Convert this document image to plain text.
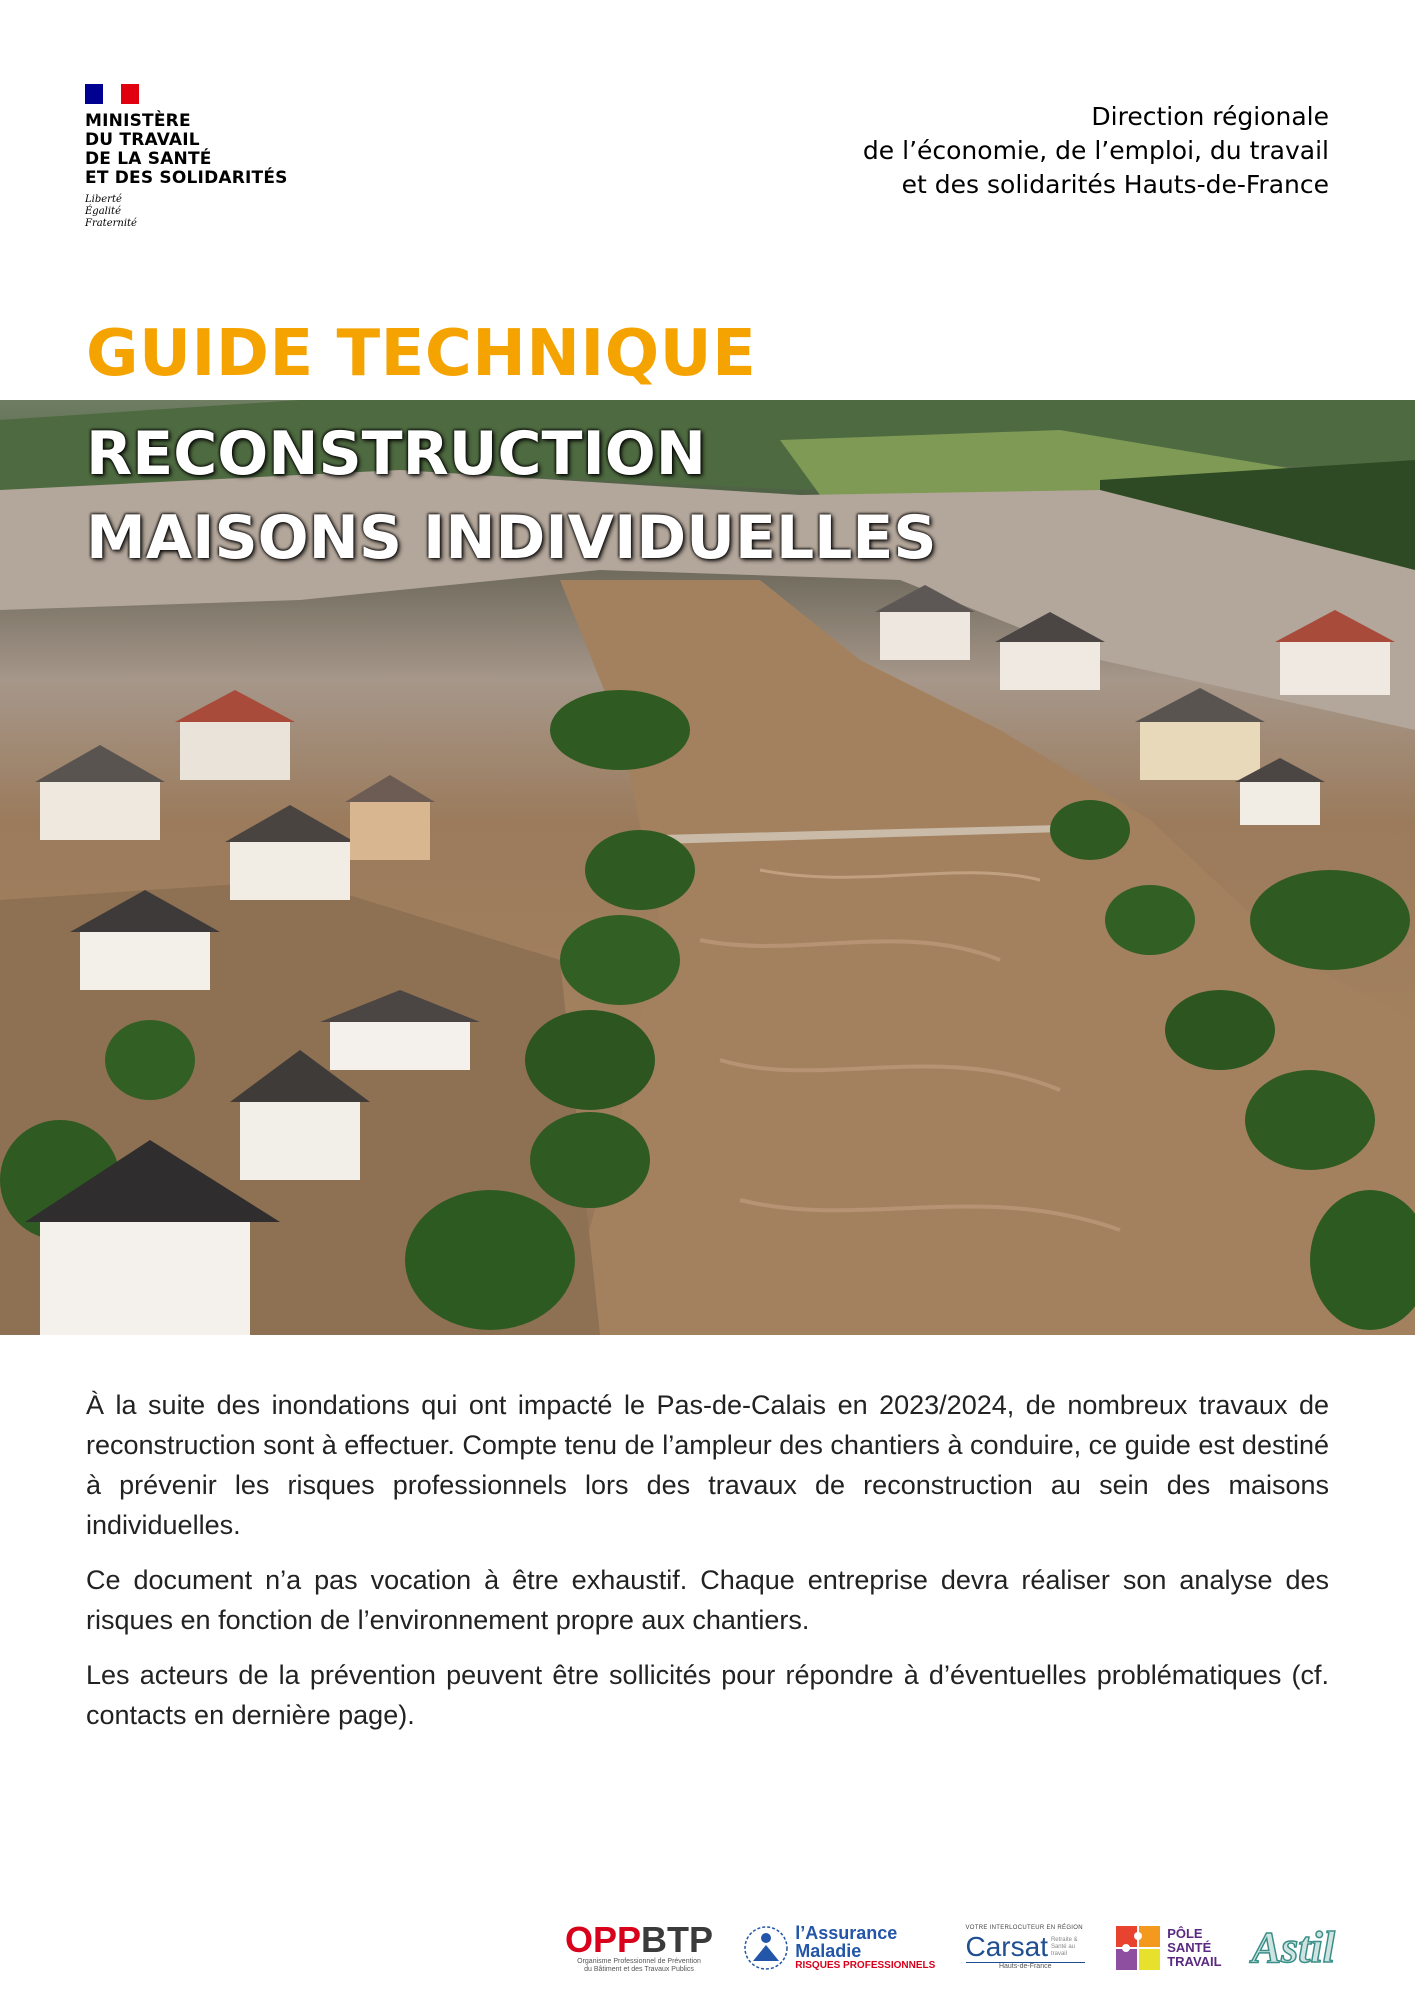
MINISTÈRE
DU TRAVAIL
DE LA SANTÉ
ET DES SOLIDARITÉS
Liberté
Égalité
Fraternité
Direction régionale
de l’économie, de l’emploi, du travail
et des solidarités Hauts-de-France
GUIDE TECHNIQUE
RECONSTRUCTION
MAISONS INDIVIDUELLES

À la suite des inondations qui ont impacté le Pas-de-Calais en 2023/2024, de nombreux travaux de reconstruction sont à effectuer. Compte tenu de l’ampleur des chantiers à conduire, ce guide est destiné à prévenir les risques professionnels lors des travaux de reconstruction au sein des maisons individuelles.

Ce document n’a pas vocation à être exhaustif. Chaque entreprise devra réaliser son analyse des risques en fonction de l’environnement propre aux chantiers.

Les acteurs de la prévention peuvent être sollicités pour répondre à d’éventuelles problématiques (cf. contacts en dernière page).

OPPBTP
Organisme Professionnel de Prévention
du Bâtiment et des Travaux Publics
l’Assurance
Maladie
RISQUES PROFESSIONNELS
VOTRE INTERLOCUTEUR EN RÉGION
Carsat Retraite & Santé au travail
Hauts-de-France
PÔLE
SANTÉ
TRAVAIL Astil
